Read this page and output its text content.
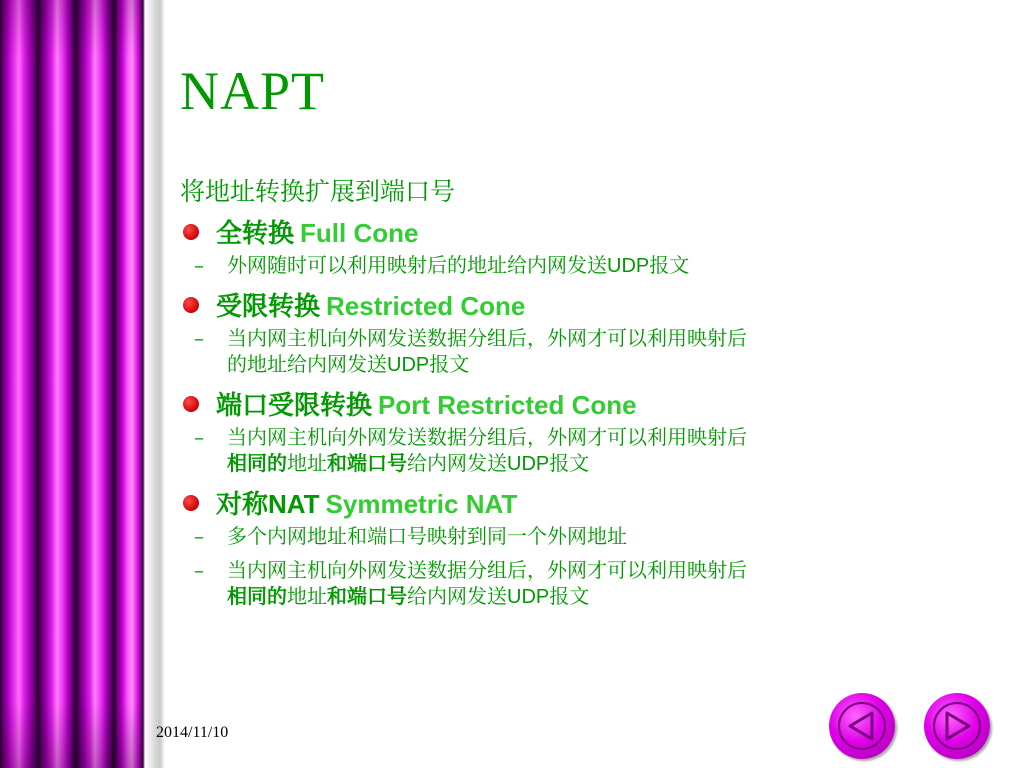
NAPT
将地址转换扩展到端口号
全转换 Full Cone
– 外网随时可以利用映射后的地址给内网发送UDP报文
受限转换 Restricted Cone
– 当内网主机向外网发送数据分组后，外网才可以利用映射后
的地址给内网发送UDP报文
端口受限转换 Port Restricted Cone
– 当内网主机向外网发送数据分组后，外网才可以利用映射后
相同的地址和端口号给内网发送UDP报文
对称NAT Symmetric NAT
– 多个内网地址和端口号映射到同一个外网地址
– 当内网主机向外网发送数据分组后，外网才可以利用映射后
相同的地址和端口号给内网发送UDP报文
2014/11/10
